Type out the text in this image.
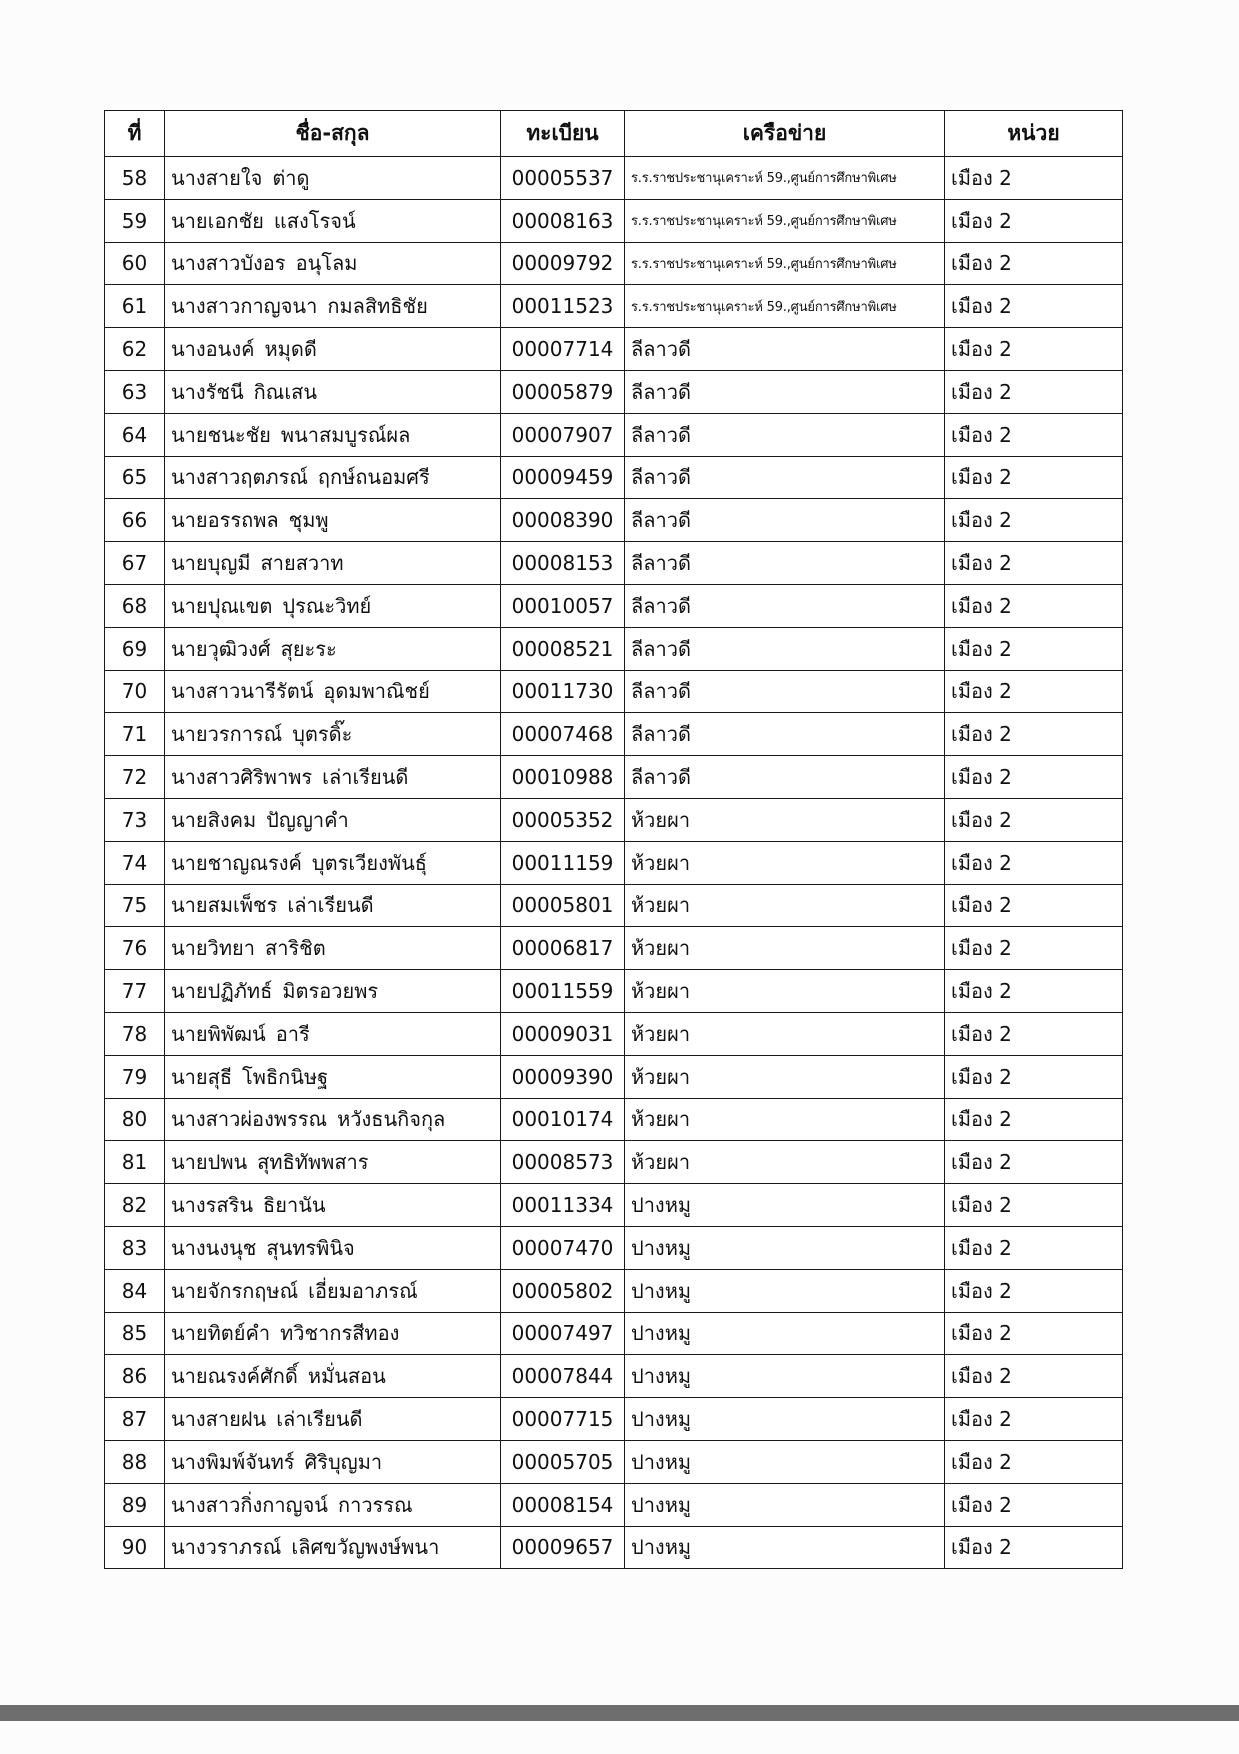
ที่	ชื่อ-สกุล	ทะเบียน	เครือข่าย	หน่วย
58	นางสายใจ ต่าดู	00005537	ร.ร.ราชประชานุเคราะห์ 59.,ศูนย์การศึกษาพิเศษ	เมือง 2
59	นายเอกชัย แสงโรจน์	00008163	ร.ร.ราชประชานุเคราะห์ 59.,ศูนย์การศึกษาพิเศษ	เมือง 2
60	นางสาวบังอร อนุโลม	00009792	ร.ร.ราชประชานุเคราะห์ 59.,ศูนย์การศึกษาพิเศษ	เมือง 2
61	นางสาวกาญจนา กมลสิทธิชัย	00011523	ร.ร.ราชประชานุเคราะห์ 59.,ศูนย์การศึกษาพิเศษ	เมือง 2
62	นางอนงค์ หมุดดี	00007714	ลีลาวดี	เมือง 2
63	นางรัชนี กิณเสน	00005879	ลีลาวดี	เมือง 2
64	นายชนะชัย พนาสมบูรณ์ผล	00007907	ลีลาวดี	เมือง 2
65	นางสาวฤตภรณ์ ฤกษ์ถนอมศรี	00009459	ลีลาวดี	เมือง 2
66	นายอรรถพล ชุมพู	00008390	ลีลาวดี	เมือง 2
67	นายบุญมี สายสวาท	00008153	ลีลาวดี	เมือง 2
68	นายปุณเขต ปุรณะวิทย์	00010057	ลีลาวดี	เมือง 2
69	นายวุฒิวงศ์ สุยะระ	00008521	ลีลาวดี	เมือง 2
70	นางสาวนารีรัตน์ อุดมพาณิชย์	00011730	ลีลาวดี	เมือง 2
71	นายวรการณ์ บุตรดิ๊ะ	00007468	ลีลาวดี	เมือง 2
72	นางสาวศิริพาพร เล่าเรียนดี	00010988	ลีลาวดี	เมือง 2
73	นายสิงคม ปัญญาคำ	00005352	ห้วยผา	เมือง 2
74	นายชาญณรงค์ บุตรเวียงพันธุ์	00011159	ห้วยผา	เมือง 2
75	นายสมเพ็ชร เล่าเรียนดี	00005801	ห้วยผา	เมือง 2
76	นายวิทยา สาริชิต	00006817	ห้วยผา	เมือง 2
77	นายปฏิภัทธ์ มิตรอวยพร	00011559	ห้วยผา	เมือง 2
78	นายพิพัฒน์ อารี	00009031	ห้วยผา	เมือง 2
79	นายสุธี โพธิกนิษฐ	00009390	ห้วยผา	เมือง 2
80	นางสาวผ่องพรรณ หวังธนกิจกุล	00010174	ห้วยผา	เมือง 2
81	นายปพน สุทธิทัพพสาร	00008573	ห้วยผา	เมือง 2
82	นางรสริน ธิยานัน	00011334	ปางหมู	เมือง 2
83	นางนงนุช สุนทรพินิจ	00007470	ปางหมู	เมือง 2
84	นายจักรกฤษณ์ เอี่ยมอาภรณ์	00005802	ปางหมู	เมือง 2
85	นายทิตย์คำ ทวิชากรสีทอง	00007497	ปางหมู	เมือง 2
86	นายณรงค์ศักดิ์ หมั่นสอน	00007844	ปางหมู	เมือง 2
87	นางสายฝน เล่าเรียนดี	00007715	ปางหมู	เมือง 2
88	นางพิมพ์จันทร์ ศิริบุญมา	00005705	ปางหมู	เมือง 2
89	นางสาวกิ่งกาญจน์ กาวรรณ	00008154	ปางหมู	เมือง 2
90	นางวราภรณ์ เลิศขวัญพงษ์พนา	00009657	ปางหมู	เมือง 2
